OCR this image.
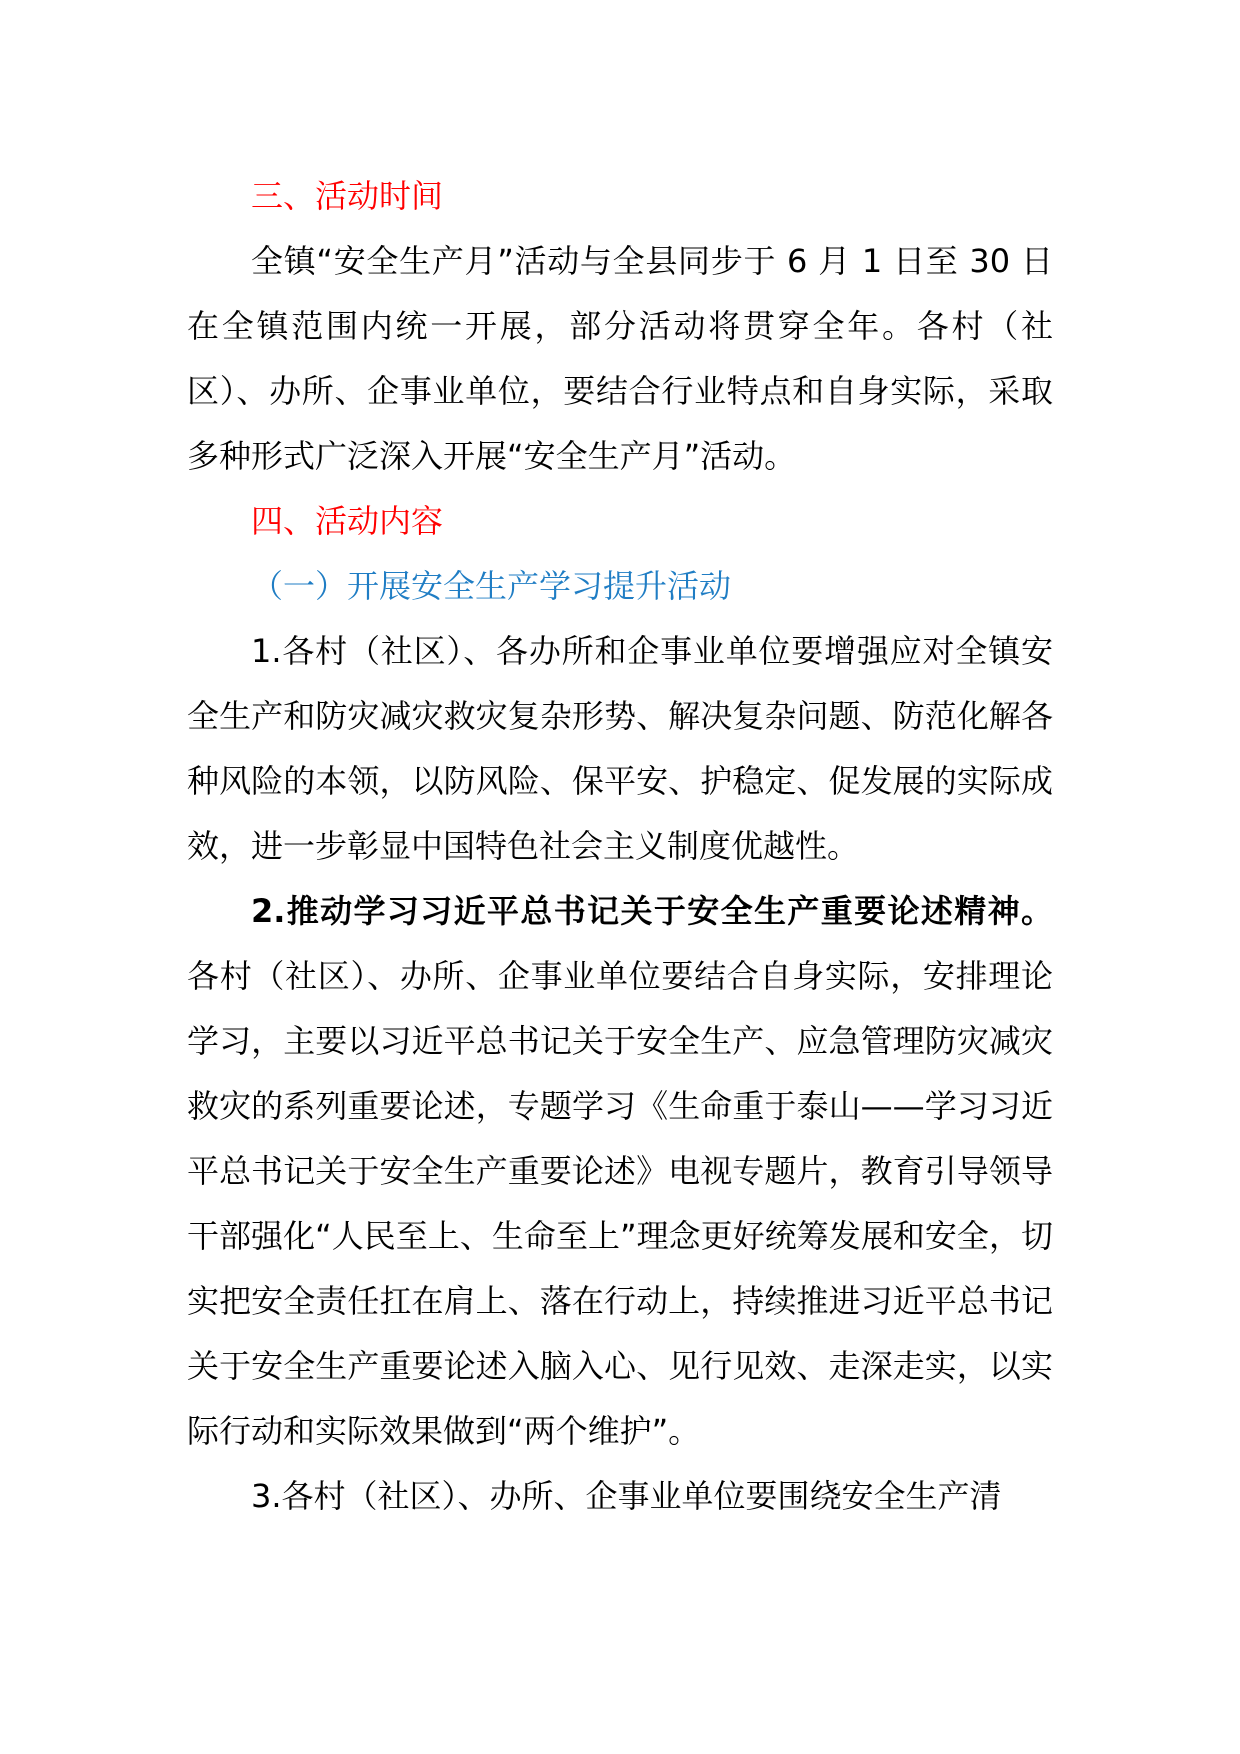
三、活动时间

全镇“安全生产月”活动与全县同步于 6 月 1 日至 30 日在全镇范围内统一开展，部分活动将贯穿全年。各村（社区）、办所、企事业单位，要结合行业特点和自身实际，采取多种形式广泛深入开展“安全生产月”活动。

四、活动内容

（一）开展安全生产学习提升活动

1.各村（社区）、各办所和企事业单位要增强应对全镇安全生产和防灾减灾救灾复杂形势、解决复杂问题、防范化解各种风险的本领，以防风险、保平安、护稳定、促发展的实际成效，进一步彰显中国特色社会主义制度优越性。

2.推动学习习近平总书记关于安全生产重要论述精神。各村（社区）、办所、企事业单位要结合自身实际，安排理论学习，主要以习近平总书记关于安全生产、应急管理防灾减灾救灾的系列重要论述，专题学习《生命重于泰山——学习习近平总书记关于安全生产重要论述》电视专题片，教育引导领导干部强化“人民至上、生命至上”理念更好统筹发展和安全，切实把安全责任扛在肩上、落在行动上，持续推进习近平总书记关于安全生产重要论述入脑入心、见行见效、走深走实，以实际行动和实际效果做到“两个维护”。

3.各村（社区）、办所、企事业单位要围绕安全生产清
